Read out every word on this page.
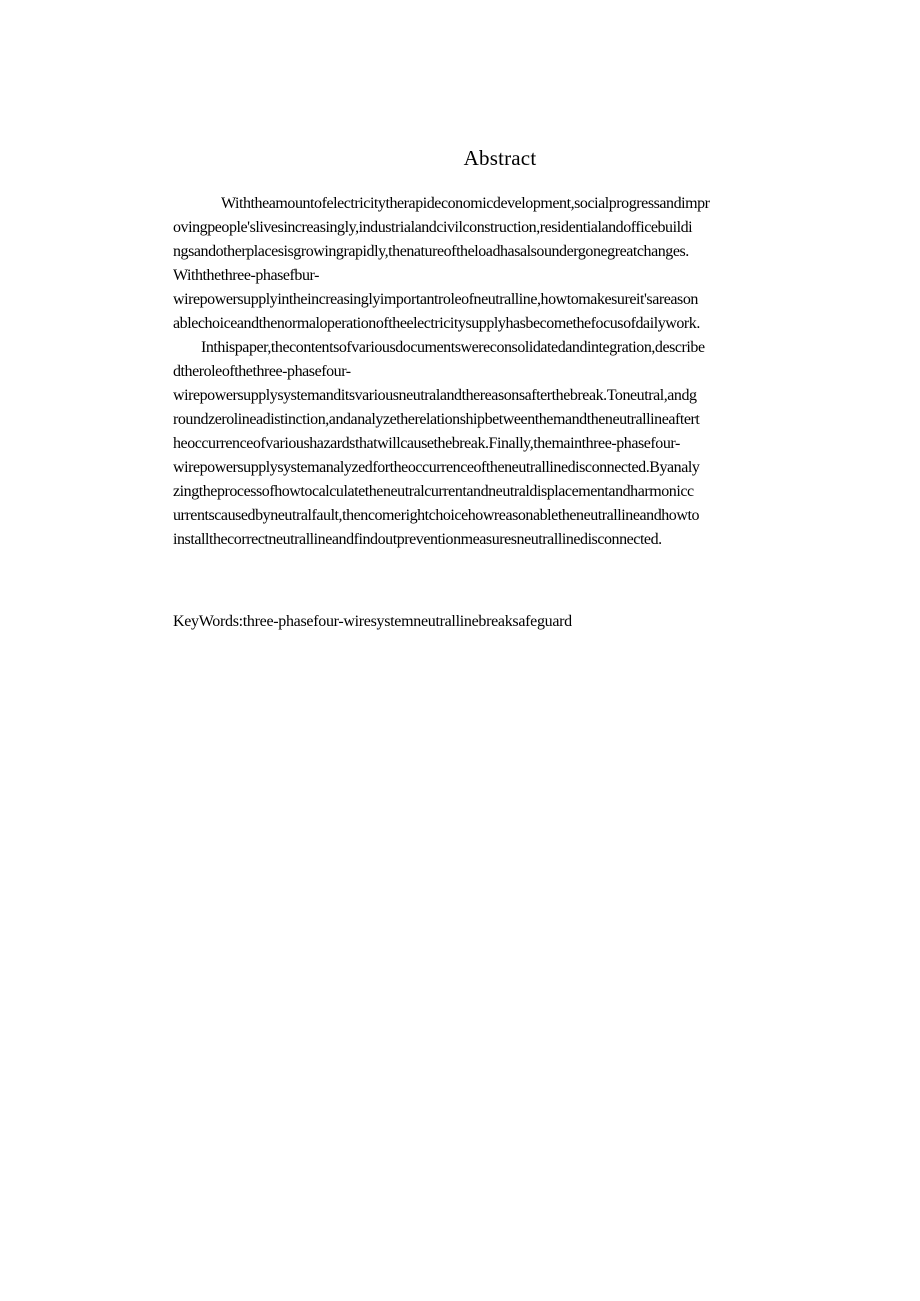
Abstract
Withtheamountofelectricitytherapideconomicdevelopment,socialprogressandimpr
ovingpeople'slivesincreasingly,industrialandcivilconstruction,residentialandofficebuildi
ngsandotherplacesisgrowingrapidly,thenatureoftheloadhasalsoundergonegreatchanges.
Withthethree-phasefbur-
wirepowersupplyintheincreasinglyimportantroleofneutralline,howtomakesureit'sareason
ablechoiceandthenormaloperationoftheelectricitysupplyhasbecomethefocusofdailywork.
Inthispaper,thecontentsofvariousdocumentswereconsolidatedandintegration,describe
dtheroleofthethree-phasefour-
wirepowersupplysystemanditsvariousneutralandthereasonsafterthebreak.Toneutral,andg
roundzerolineadistinction,andanalyzetherelationshipbetweenthemandtheneutrallineaftert
heoccurrenceofvarioushazardsthatwillcausethebreak.Finally,themainthree-phasefour-
wirepowersupplysystemanalyzedfortheoccurrenceoftheneutrallinedisconnected.Byanaly
zingtheprocessofhowtocalculatetheneutralcurrentandneutraldisplacementandharmonicc
urrentscausedbyneutralfault,thencomerightchoicehowreasonabletheneutrallineandhowto
installthecorrectneutrallineandfindoutpreventionmeasuresneutrallinedisconnected.
KeyWords:three-phasefour-wiresystemneutrallinebreaksafeguard
